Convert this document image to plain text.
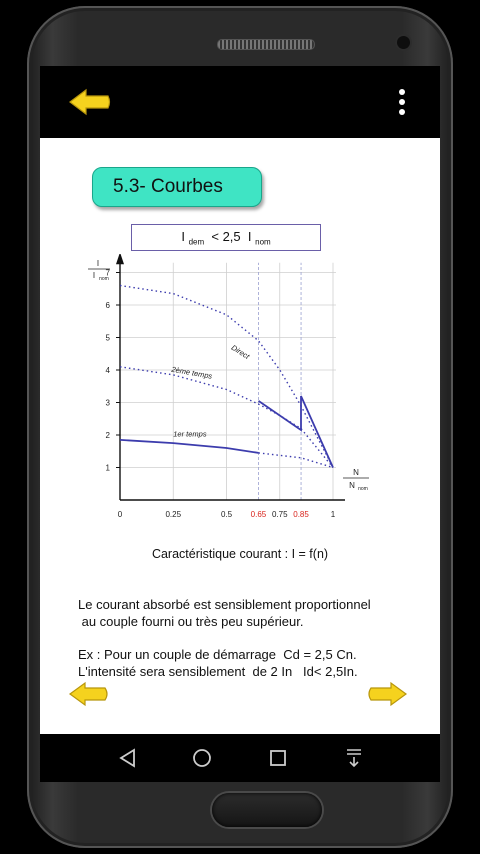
5.3- Courbes
I $_{dem}$ < 2,5 I $_{nom}$
1
2
3
4
5
6
7
0	0.25	0.5 0.65 0.75 0.85	1
I
I nom
N
N nom
Direct
2ème temps
1er temps
Caractéristique courant : I = f(n)
Le courant absorbé est sensiblement proportionnel
au couple fourni ou très peu supérieur.
Ex : Pour un couple de démarrage  Cd = 2,5 Cn.
L'intensité sera sensiblement  de 2 In   Id< 2,5In.
